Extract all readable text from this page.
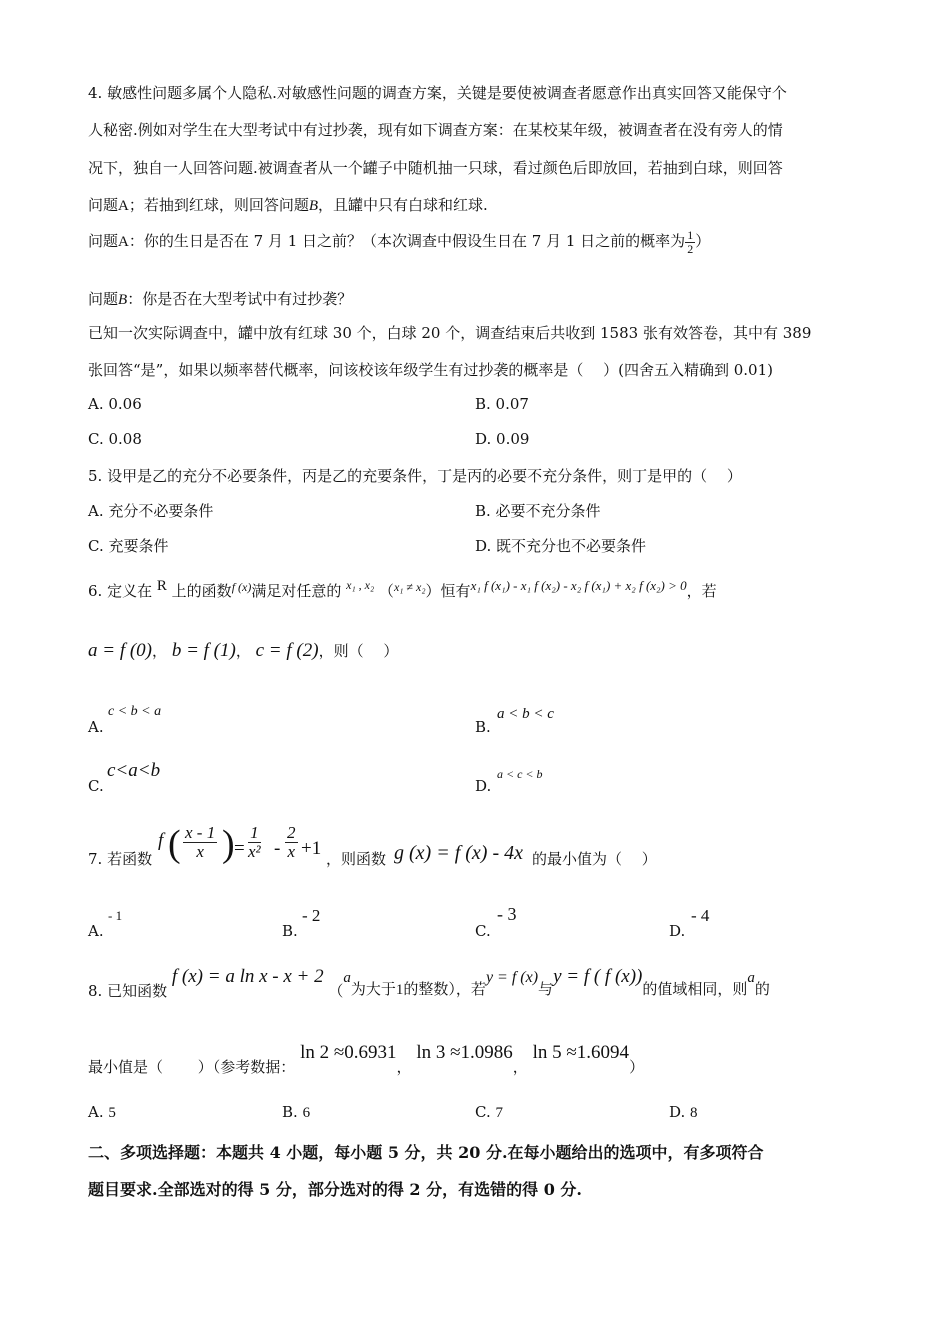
4. 敏感性问题多属个人隐私.对敏感性问题的调查方案，关键是要使被调查者愿意作出真实回答又能保守个
人秘密.例如对学生在大型考试中有过抄袭，现有如下调查方案：在某校某年级，被调查者在没有旁人的情
况下，独自一人回答问题.被调查者从一个罐子中随机抽一只球，看过颜色后即放回，若抽到白球，则回答
问题A；若抽到红球，则回答问题B，且罐中只有白球和红球.
问题A：你的生日是否在 7 月 1 日之前？（本次调查中假设生日在 7 月 1 日之前的概率为 $\frac{1}{2}$ ）
问题B：你是否在大型考试中有过抄袭？
已知一次实际调查中，罐中放有红球 30 个，白球 20 个，调查结束后共收到 1583 张有效答卷，其中有 389
张回答“是”，如果以频率替代概率，问该校该年级学生有过抄袭的概率是（　 ）(四舍五入精确到 0.01)
A. 0.06	B. 0.07
C. 0.08	D. 0.09
5. 设甲是乙的充分不必要条件，丙是乙的充要条件，丁是丙的必要不充分条件，则丁是甲的（　 ）
A. 充分不必要条件	B. 必要不充分条件
C. 充要条件	D. 既不充分也不必要条件
6. 定义在 R 上的函数$^{f (x)}$满足对任意的 $^{x_1 , x_2}$ （$^{x_1 \ne x_2}$）恒有x₁ f (x₁) - x₁ f (x₂) - x₂ f (x₁) + x₂ f (x₂) > 0，若
a = f (0)， b = f (1)， c = f (2)，则（　 ）
A.
c < b < a
B.
a < b < c
C.
c<a<b
D.
a < c < b
7. 若函数
f ( $\frac{x - 1}{x}$ ) = $\frac{1}{\text{x²}} - \frac{2}{x} +1$ ，则函数 g (x) = f (x) - 4x 的最小值为（　 ）
A.
- 1
B.
- 2
C.
- 3
D.
- 4
8. 已知函数 f (x) = a ln x - x + 2 （a为大于1的整数），若y = f (x)与y = f ( f (x))的值域相同，则a的
最小值是（　　 ）（参考数据： ln 2 ≈0.6931， ln 3 ≈1.0986， ln 5 ≈1.6094）
A. 5	B. 6	C. 7	D. 8
二、多项选择题：本题共 4 小题，每小题 5 分，共 20 分.在每小题给出的选项中，有多项符合
题目要求.全部选对的得 5 分，部分选对的得 2 分，有选错的得 0 分.
